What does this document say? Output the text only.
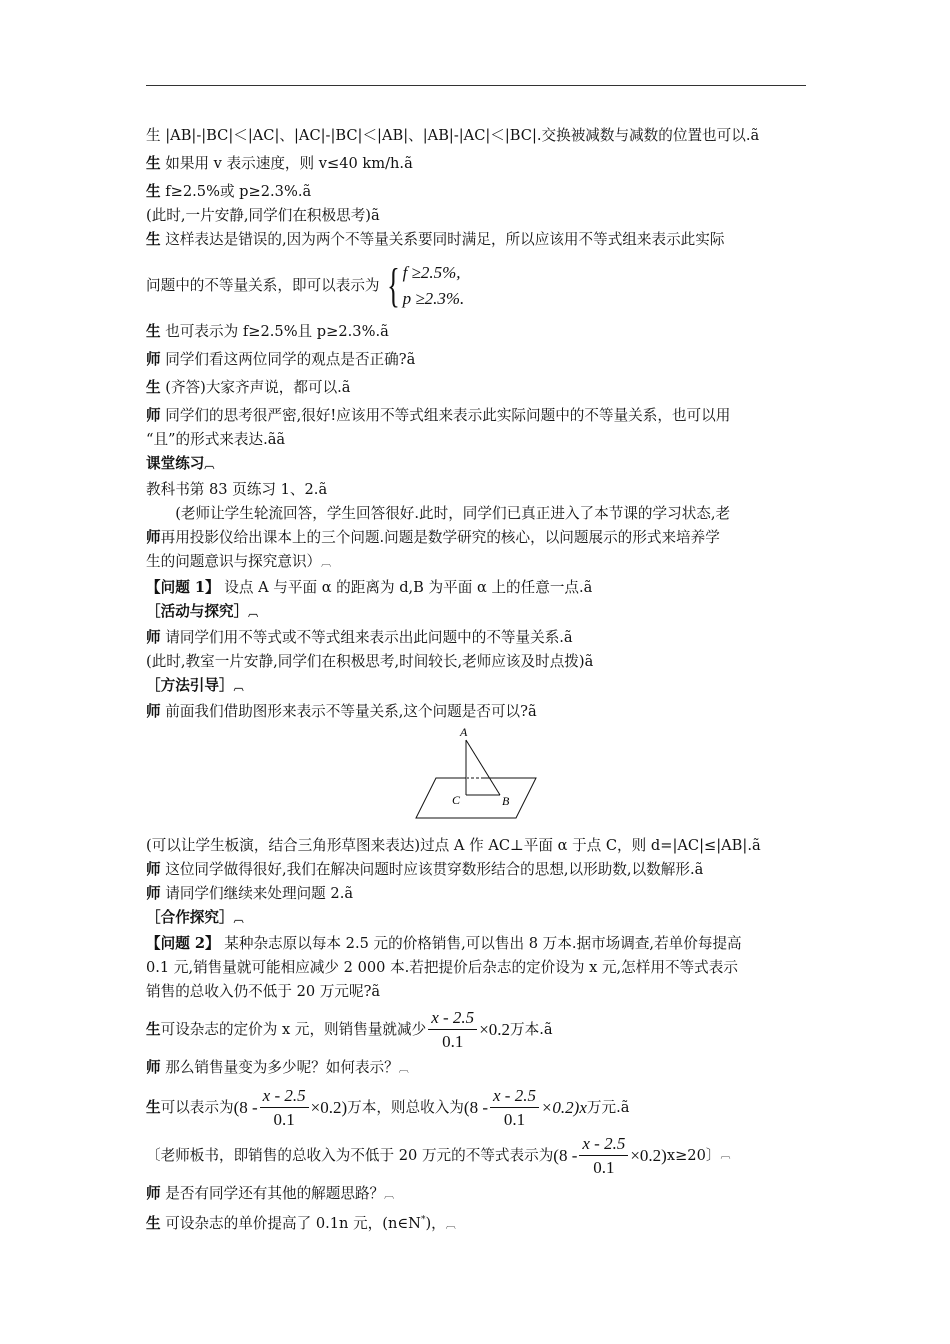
生 |AB|-|BC|＜|AC|、|AC|-|BC|＜|AB|、|AB|-|AC|＜|BC|.交换被减数与减数的位置也可以.ã

生 如果用 v 表示速度，则 v≤40 km/h.ã

生 f≥2.5%或 p≥2.3%.ã

(此时,一片安静,同学们在积极思考)ã

生 这样表达是错误的,因为两个不等量关系要同时满足，所以应该用不等式组来表示此实际

问题中的不等量关系，即可以表示为 { f ≥2.5%,
p ≥2.3%.

生 也可表示为 f≥2.5%且 p≥2.3%.ã

师 同学们看这两位同学的观点是否正确?ã

生 (齐答)大家齐声说，都可以.ã

师 同学们的思考很严密,很好!应该用不等式组来表示此实际问题中的不等量关系，也可以用

“且”的形式来表达.ãã

课堂练习︹

教科书第 83 页练习 1、2.ã

(老师让学生轮流回答，学生回答很好.此时，同学们已真正进入了本节课的学习状态,老

师再用投影仪给出课本上的三个问题.问题是数学研究的核心，以问题展示的形式来培养学

生的问题意识与探究意识）︹

【问题 1】 设点 A 与平面 α 的距离为 d,B 为平面 α 上的任意一点.ã

［活动与探究］︹

师 请同学们用不等式或不等式组来表示出此问题中的不等量关系.ã

(此时,教室一片安静,同学们在积极思考,时间较长,老师应该及时点拨)ã

［方法引导］︹

师 前面我们借助图形来表示不等量关系,这个问题是否可以?ã

A
C	B

(可以让学生板演，结合三角形草图来表达)过点 A 作 AC⊥平面 α 于点 C，则 d=|AC|≤|AB|.ã

师 这位同学做得很好,我们在解决问题时应该贯穿数形结合的思想,以形助数,以数解形.ã

师 请同学们继续来处理问题 2.ã

［合作探究］︹

【问题 2】 某种杂志原以每本 2.5 元的价格销售,可以售出 8 万本.据市场调查,若单价每提高

0.1 元,销售量就可能相应减少 2 000 本.若把提价后杂志的定价设为 x 元,怎样用不等式表示

销售的总收入仍不低于 20 万元呢?ã

生 可设杂志的定价为 x 元，则销售量就减少 $\frac{x - 2.5}{0.1} \times 0.2$ 万本.ã

师 那么销售量变为多少呢？如何表示？︹

生 可以表示为 $(8 - \frac{x - 2.5}{0.1} \times 0.2)$ 万本，则总收入为 $(8 - \frac{x - 2.5}{0.1} \times 0.2)x$ 万元.ã

〔老师板书，即销售的总收入为不低于 20 万元的不等式表示为 $(8 - \frac{x - 2.5}{0.1} \times 0.2)$ x≥20〕 ︹

师 是否有同学还有其他的解题思路？︹

生 可设杂志的单价提高了 0.1n 元，(n∈N*)，︹
